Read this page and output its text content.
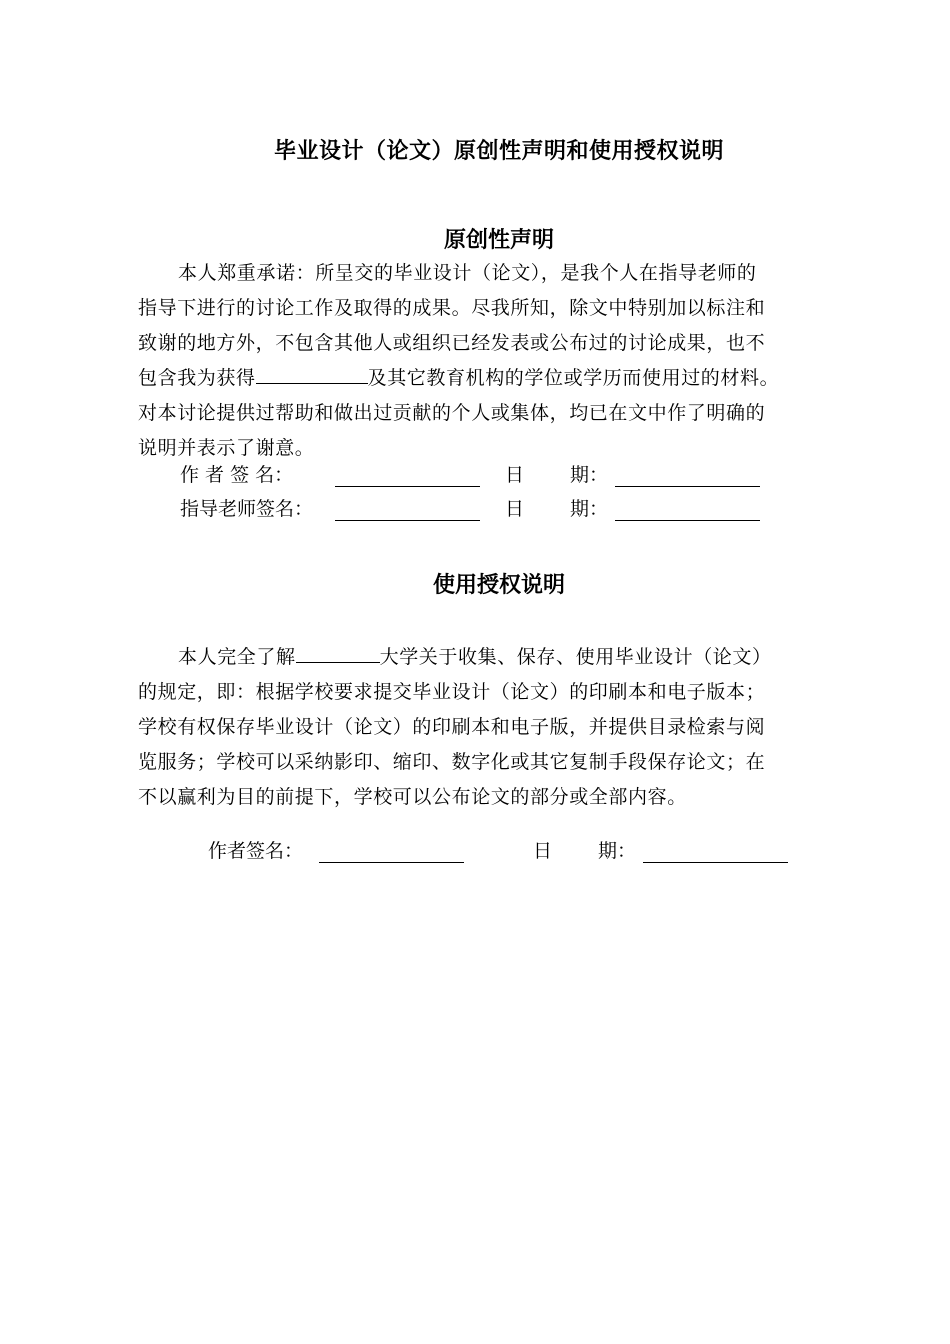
毕业设计（论文）原创性声明和使用授权说明
原创性声明
本人郑重承诺：所呈交的毕业设计（论文），是我个人在指导老师的
指导下进行的讨论工作及取得的成果。尽我所知，除文中特别加以标注和
致谢的地方外，不包含其他人或组织已经发表或公布过的讨论成果，也不
包含我为获得	及其它教育机构的学位或学历而使用过的材料。
对本讨论提供过帮助和做出过贡献的个人或集体，均已在文中作了明确的
说明并表示了谢意。
作 者 签 名：	日 期：
指导老师签名：	日 期：
使用授权说明
本人完全了解	大学关于收集、保存、使用毕业设计（论文）
的规定，即：根据学校要求提交毕业设计（论文）的印刷本和电子版本；
学校有权保存毕业设计（论文）的印刷本和电子版，并提供目录检索与阅
览服务；学校可以采纳影印、缩印、数字化或其它复制手段保存论文；在
不以赢利为目的前提下，学校可以公布论文的部分或全部内容。
作者签名：	日 期：
